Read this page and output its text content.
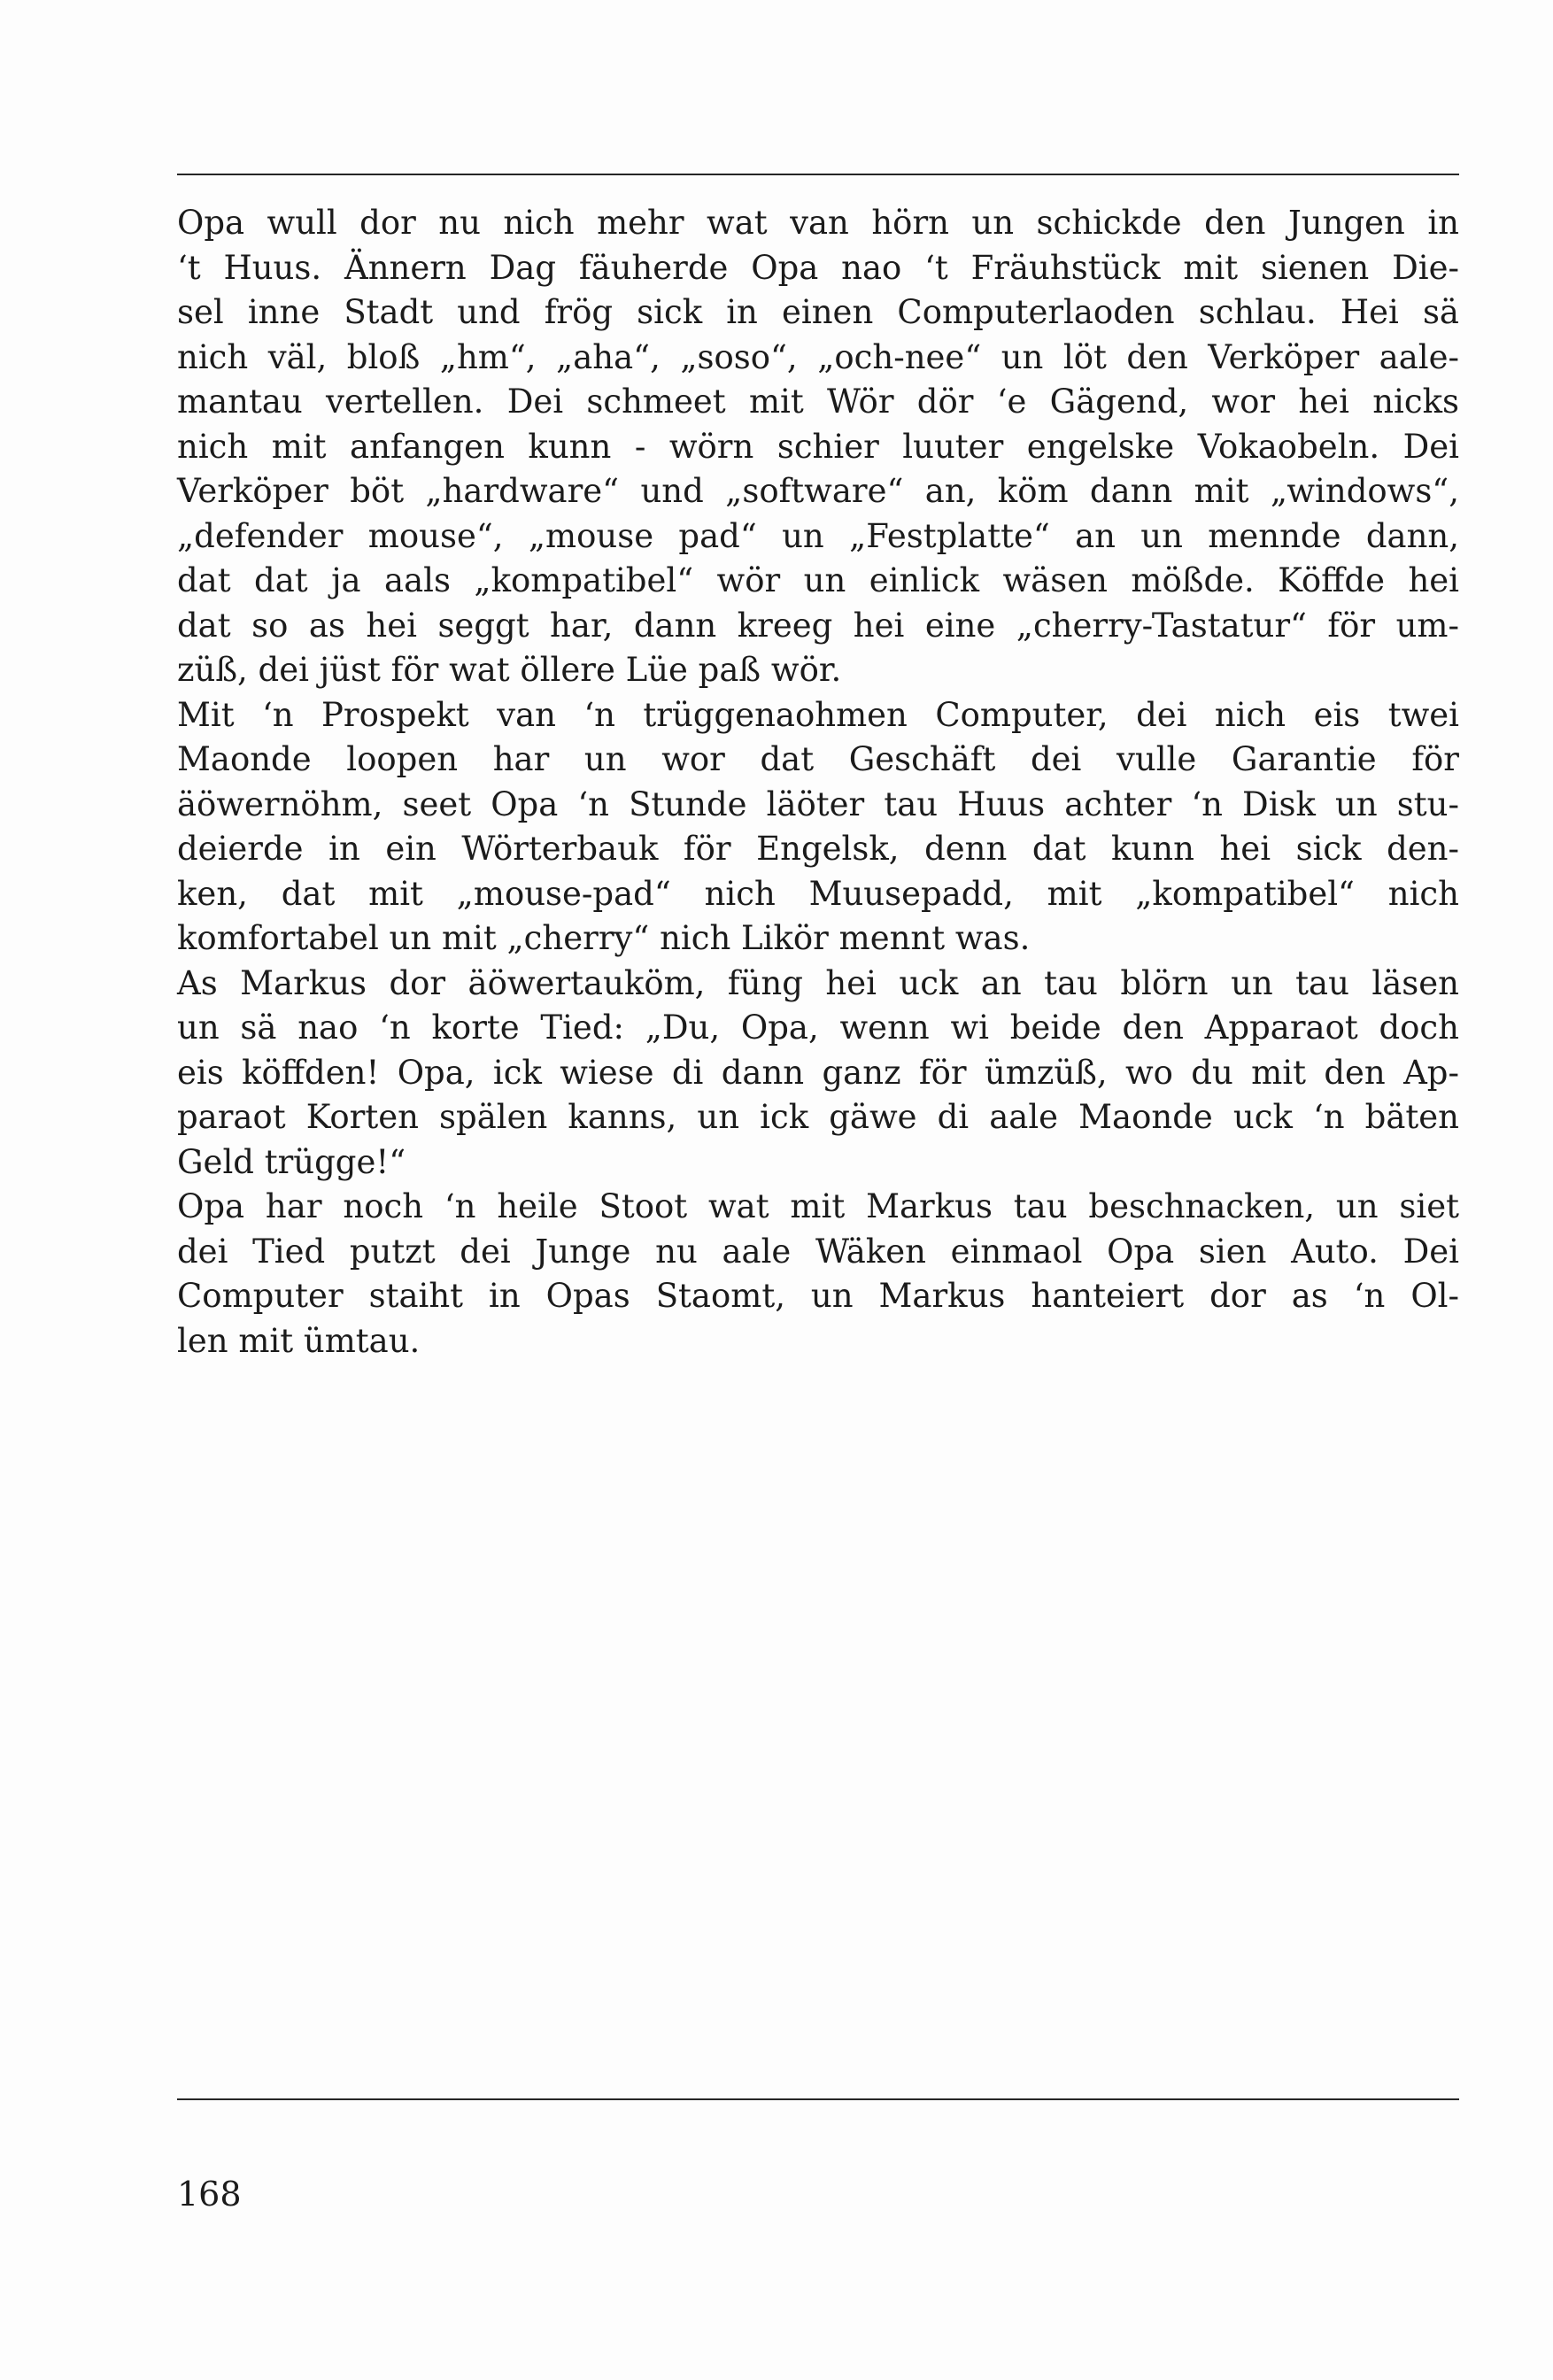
Opa wull dor nu nich mehr wat van hörn un schickde den Jungen in
‘t Huus. Ännern Dag fäuherde Opa nao ‘t Fräuhstück mit sienen Die-
sel inne Stadt und frög sick in einen Computerlaoden schlau. Hei sä
nich väl, bloß „hm“, „aha“, „soso“, „och-nee“ un löt den Verköper aale-
mantau vertellen. Dei schmeet mit Wör dör ‘e Gägend, wor hei nicks
nich mit anfangen kunn - wörn schier luuter engelske Vokaobeln. Dei
Verköper böt „hardware“ und „software“ an, köm dann mit „windows“,
„defender mouse“, „mouse pad“ un „Festplatte“ an un mennde dann,
dat dat ja aals „kompatibel“ wör un einlick wäsen mößde. Köffde hei
dat so as hei seggt har, dann kreeg hei eine „cherry-Tastatur“ för um-
züß, dei jüst för wat öllere Lüe paß wör.
Mit ‘n Prospekt van ‘n trüggenaohmen Computer, dei nich eis twei
Maonde loopen har un wor dat Geschäft dei vulle Garantie för
äöwernöhm, seet Opa ‘n Stunde läöter tau Huus achter ‘n Disk un stu-
deierde in ein Wörterbauk för Engelsk, denn dat kunn hei sick den-
ken, dat mit „mouse-pad“ nich Muusepadd, mit „kompatibel“ nich
komfortabel un mit „cherry“ nich Likör mennt was.
As Markus dor äöwertauköm, füng hei uck an tau blörn un tau läsen
un sä nao ‘n korte Tied: „Du, Opa, wenn wi beide den Apparaot doch
eis köffden! Opa, ick wiese di dann ganz för ümzüß, wo du mit den Ap-
paraot Korten spälen kanns, un ick gäwe di aale Maonde uck ‘n bäten
Geld trügge!“
Opa har noch ‘n heile Stoot wat mit Markus tau beschnacken, un siet
dei Tied putzt dei Junge nu aale Wäken einmaol Opa sien Auto. Dei
Computer staiht in Opas Staomt, un Markus hanteiert dor as ‘n Ol-
len mit ümtau.
168
